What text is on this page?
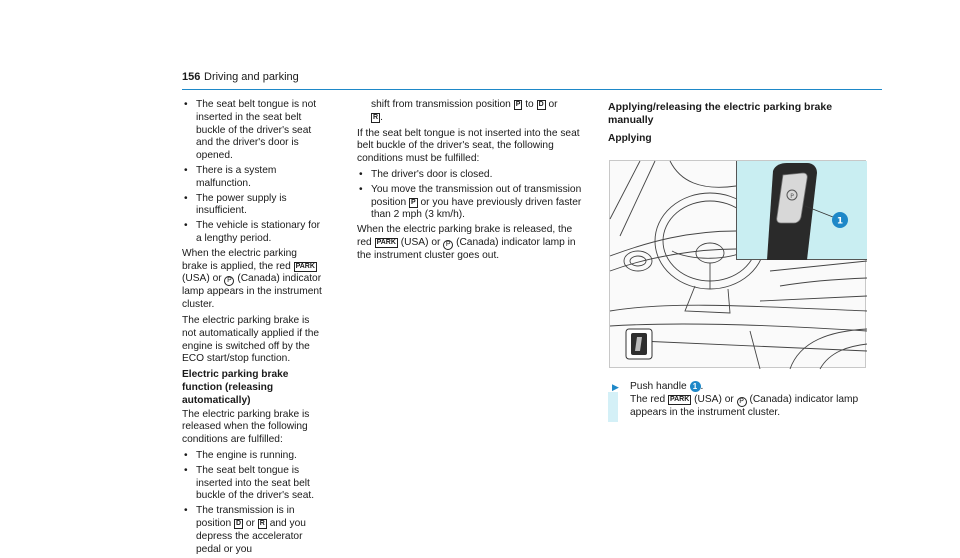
156 Driving and parking
• The seat belt tongue is not inserted in the seat belt buckle of the driver's seat and the driver's door is opened.
• There is a system malfunction.
• The power supply is insufficient.
• The vehicle is stationary for a lengthy period.
When the electric parking brake is applied, the red PARK (USA) or P (Canada) indicator lamp appears in the instrument cluster.
The electric parking brake is not automatically applied if the engine is switched off by the ECO start/stop function.
Electric parking brake function (releasing automatically)
The electric parking brake is released when the following conditions are fulfilled:
• The engine is running.
• The seat belt tongue is inserted into the seat belt buckle of the driver's seat.
• The transmission is in position D or R and you depress the accelerator pedal or you
shift from transmission position P to D or
R .
If the seat belt tongue is not inserted into the seat belt buckle of the driver's seat, the following conditions must be fulfilled:
• The driver's door is closed.
• You move the transmission out of transmission position P or you have previously driven faster than 2 mph (3 km/h).
When the electric parking brake is released, the red PARK (USA) or P (Canada) indicator lamp in the instrument cluster goes out.
Applying/releasing the electric parking brake manually
Applying
P
1
▶ Push handle 1 .
The red PARK (USA) or P (Canada) indicator lamp appears in the instrument cluster.
